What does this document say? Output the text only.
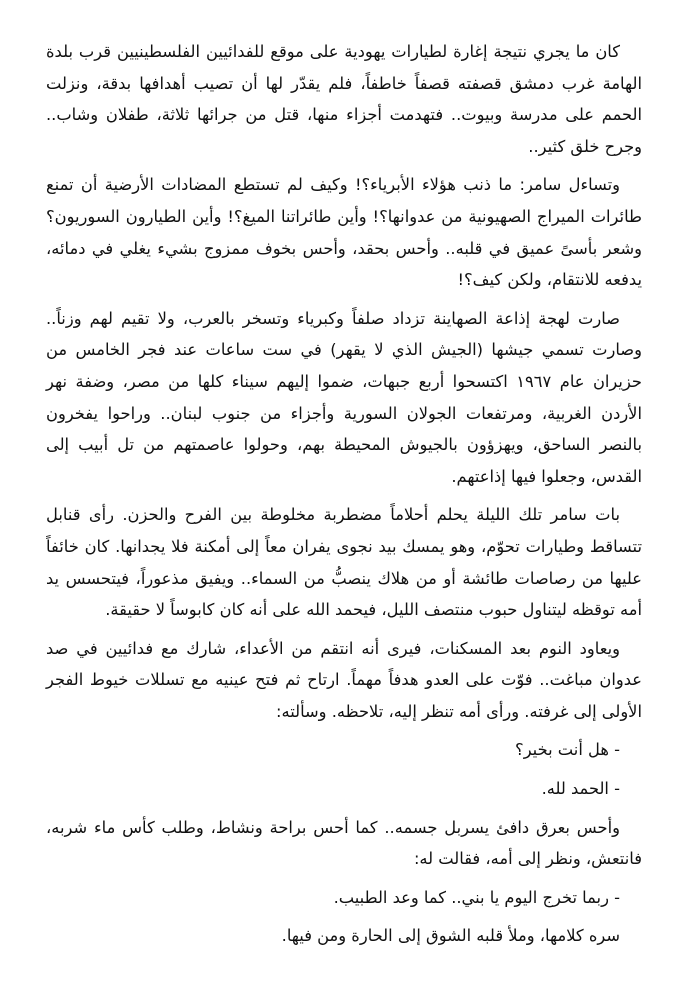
كان ما يجري نتيجة إغارة لطيارات يهودية على موقع للفدائيين الفلسطينيين قرب بلدة الهامة غرب دمشق قصفته قصفاً خاطفاً، فلم يقدّر لها أن تصيب أهدافها بدقة، ونزلت الحمم على مدرسة وبيوت.. فتهدمت أجزاء منها، قتل من جرائها ثلاثة، طفلان وشاب.. وجرح خلق كثير..

وتساءل سامر: ما ذنب هؤلاء الأبرياء؟! وكيف لم تستطع المضادات الأرضية أن تمنع طائرات الميراج الصهيونية من عدوانها؟! وأين طائراتنا الميغ؟! وأين الطيارون السوريون؟ وشعر بأسىً عميق في قلبه.. وأحس بحقد، وأحس بخوف ممزوج بشيء يغلي في دمائه، يدفعه للانتقام، ولكن كيف؟!

صارت لهجة إذاعة الصهاينة تزداد صلفاً وكبرياء وتسخر بالعرب، ولا تقيم لهم وزناً.. وصارت تسمي جيشها (الجيش الذي لا يقهر) في ست ساعات عند فجر الخامس من حزيران عام ١٩٦٧ اكتسحوا أربع جبهات، ضموا إليهم سيناء كلها من مصر، وضفة نهر الأردن الغربية، ومرتفعات الجولان السورية وأجزاء من جنوب لبنان.. وراحوا يفخرون بالنصر الساحق، ويهزؤون بالجيوش المحيطة بهم، وحولوا عاصمتهم من تل أبيب إلى القدس، وجعلوا فيها إذاعتهم.

بات سامر تلك الليلة يحلم أحلاماً مضطربة مخلوطة بين الفرح والحزن. رأى قنابل تتساقط وطيارات تحوّم، وهو يمسك بيد نجوى يفران معاً إلى أمكنة فلا يجدانها. كان خائفاً عليها من رصاصات طائشة أو من هلاك ينصبُّ من السماء.. ويفيق مذعوراً، فيتحسس يد أمه توقظه ليتناول حبوب منتصف الليل، فيحمد الله على أنه كان كابوساً لا حقيقة.

ويعاود النوم بعد المسكنات، فيرى أنه انتقم من الأعداء، شارك مع فدائيين في صد عدوان مباغت.. فوّت على العدو هدفاً مهماً. ارتاح ثم فتح عينيه مع تسللات خيوط الفجر الأولى إلى غرفته. ورأى أمه تنظر إليه، تلاحظه. وسألته:

- هل أنت بخير؟

- الحمد لله.

وأحس بعرق دافئ يسربل جسمه.. كما أحس براحة ونشاط، وطلب كأس ماء شربه، فانتعش، ونظر إلى أمه، فقالت له:

- ربما تخرج اليوم يا بني.. كما وعد الطبيب.

سره كلامها، وملأ قلبه الشوق إلى الحارة ومن فيها.
